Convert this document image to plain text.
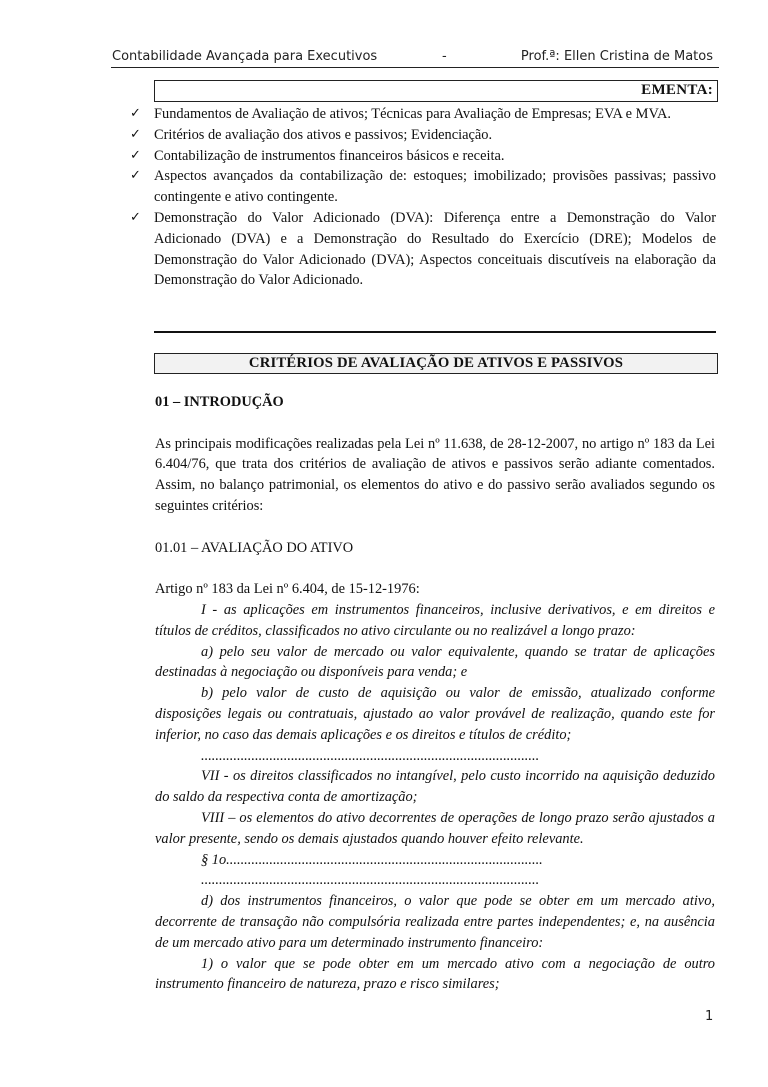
Contabilidade Avançada para Executivos	-	Prof.ª: Ellen Cristina de Matos
EMENTA:
✓ Fundamentos de Avaliação de ativos; Técnicas para Avaliação de Empresas; EVA e MVA.
✓ Critérios de avaliação dos ativos e passivos; Evidenciação.
✓ Contabilização de instrumentos financeiros básicos e receita.
✓ Aspectos avançados da contabilização de: estoques; imobilizado; provisões passivas; passivo contingente e ativo contingente.
✓ Demonstração do Valor Adicionado (DVA): Diferença entre a Demonstração do Valor Adicionado (DVA) e a Demonstração do Resultado do Exercício (DRE); Modelos de Demonstração do Valor Adicionado (DVA); Aspectos conceituais discutíveis na elaboração da Demonstração do Valor Adicionado.
CRITÉRIOS DE AVALIAÇÃO DE ATIVOS E PASSIVOS

01 – INTRODUÇÃO

As principais modificações realizadas pela Lei nº 11.638, de 28-12-2007, no artigo nº 183 da Lei 6.404/76, que trata dos critérios de avaliação de ativos e passivos serão adiante comentados. Assim, no balanço patrimonial, os elementos do ativo e do passivo serão avaliados segundo os seguintes critérios:

01.01 – AVALIAÇÃO DO ATIVO

Artigo nº 183 da Lei nº 6.404, de 15-12-1976:

I - as aplicações em instrumentos financeiros, inclusive derivativos, e em direitos e títulos de créditos, classificados no ativo circulante ou no realizável a longo prazo:

a) pelo seu valor de mercado ou valor equivalente, quando se tratar de aplicações destinadas à negociação ou disponíveis para venda; e

b) pelo valor de custo de aquisição ou valor de emissão, atualizado conforme disposições legais ou contratuais, ajustado ao valor provável de realização, quando este for inferior, no caso das demais aplicações e os direitos e títulos de crédito;

..............................................................................................

VII - os direitos classificados no intangível, pelo custo incorrido na aquisição deduzido do saldo da respectiva conta de amortização;

VIII – os elementos do ativo decorrentes de operações de longo prazo serão ajustados a valor presente, sendo os demais ajustados quando houver efeito relevante.

§ 1o........................................................................................

..............................................................................................

d) dos instrumentos financeiros, o valor que pode se obter em um mercado ativo, decorrente de transação não compulsória realizada entre partes independentes; e, na ausência de um mercado ativo para um determinado instrumento financeiro:

1) o valor que se pode obter em um mercado ativo com a negociação de outro instrumento financeiro de natureza, prazo e risco similares;

1
